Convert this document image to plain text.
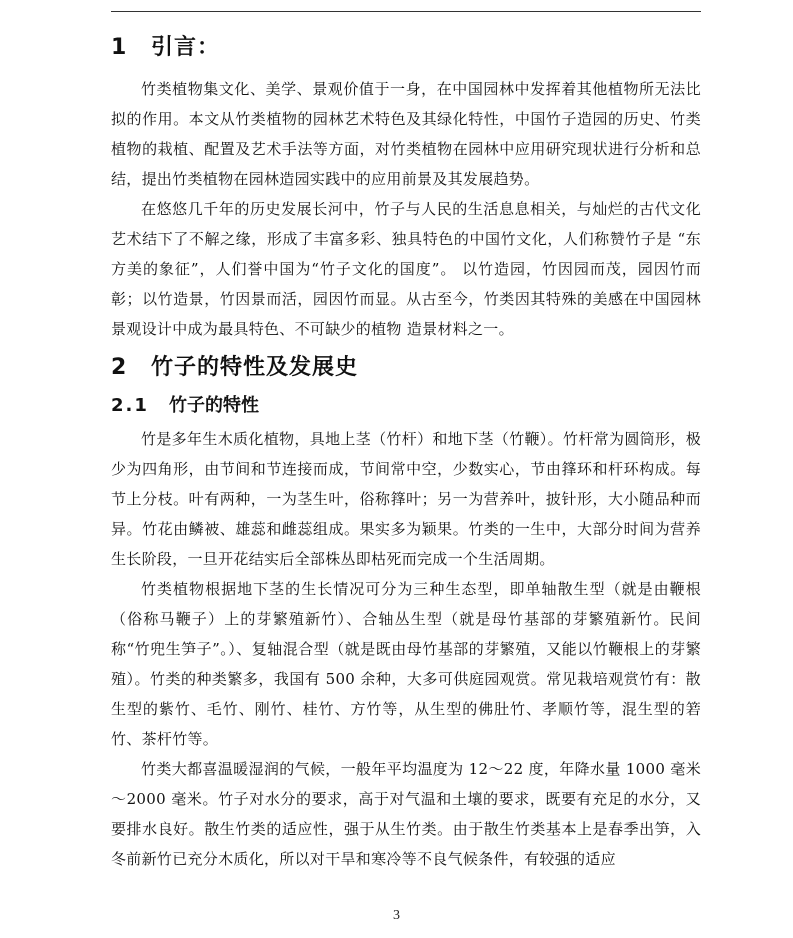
1 引言：

竹类植物集文化、美学、景观价值于一身，在中国园林中发挥着其他植物所无法比拟的作用。本文从竹类植物的园林艺术特色及其绿化特性，中国竹子造园的历史、竹类植物的栽植、配置及艺术手法等方面，对竹类植物在园林中应用研究现状进行分析和总结，提出竹类植物在园林造园实践中的应用前景及其发展趋势。

在悠悠几千年的历史发展长河中，竹子与人民的生活息息相关，与灿烂的古代文化艺术结下了不解之缘，形成了丰富多彩、独具特色的中国竹文化，人们称赞竹子是 “东方美的象征”，人们誉中国为“竹子文化的国度”。 以竹造园，竹因园而茂，园因竹而彰；以竹造景，竹因景而活，园因竹而显。从古至今，竹类因其特殊的美感在中国园林景观设计中成为最具特色、不可缺少的植物 造景材料之一。

2 竹子的特性及发展史
2.1 竹子的特性

竹是多年生木质化植物，具地上茎（竹杆）和地下茎（竹鞭）。竹杆常为圆筒形，极少为四角形，由节间和节连接而成，节间常中空，少数实心，节由箨环和杆环构成。每节上分枝。叶有两种，一为茎生叶，俗称箨叶；另一为营养叶，披针形，大小随品种而异。竹花由鳞被、雄蕊和雌蕊组成。果实多为颖果。竹类的一生中，大部分时间为营养生长阶段，一旦开花结实后全部株丛即枯死而完成一个生活周期。

竹类植物根据地下茎的生长情况可分为三种生态型，即单轴散生型（就是由鞭根（俗称马鞭子）上的芽繁殖新竹）、合轴丛生型（就是母竹基部的芽繁殖新竹。民间称“竹兜生笋子”。）、复轴混合型（就是既由母竹基部的芽繁殖，又能以竹鞭根上的芽繁殖）。竹类的种类繁多，我国有 500 余种，大多可供庭园观赏。常见栽培观赏竹有：散生型的紫竹、毛竹、刚竹、桂竹、方竹等，从生型的佛肚竹、孝顺竹等，混生型的箬竹、茶杆竹等。

竹类大都喜温暖湿润的气候，一般年平均温度为 12～22 度，年降水量 1000 毫米～2000 毫米。竹子对水分的要求，高于对气温和土壤的要求，既要有充足的水分，又要排水良好。散生竹类的适应性，强于从生竹类。由于散生竹类基本上是春季出笋，入冬前新竹已充分木质化，所以对干旱和寒冷等不良气候条件，有较强的适应

3
